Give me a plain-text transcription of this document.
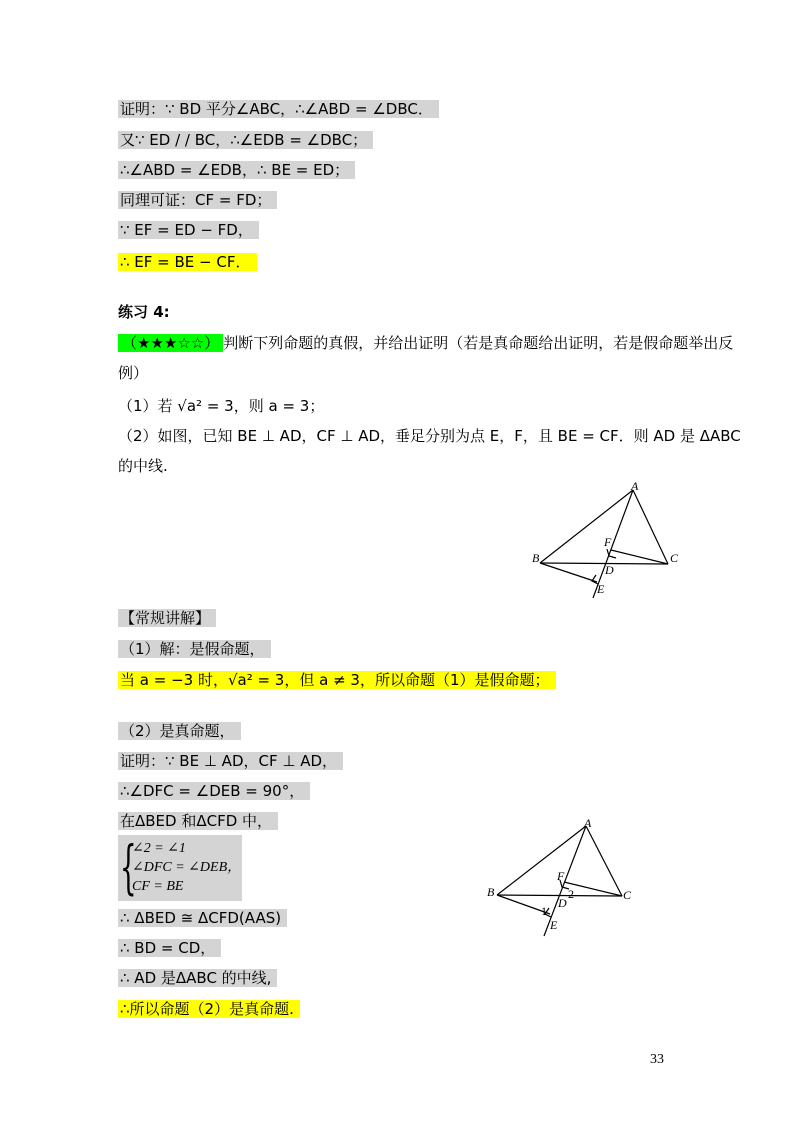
证明：∵ BD 平分∠ABC，∴∠ABD = ∠DBC．
又∵ ED / / BC，∴∠EDB = ∠DBC；
∴∠ABD = ∠EDB，∴ BE = ED；
同理可证：CF = FD；
∵ EF = ED − FD，
∴ EF = BE − CF．
练习 4:
（★★★☆☆） 判断下列命题的真假，并给出证明（若是真命题给出证明，若是假命题举出反
例）
（1）若 √a² = 3，则 a = 3；
（2）如图，已知 BE ⊥ AD，CF ⊥ AD，垂足分别为点 E，F，且 BE = CF．则 AD 是 ΔABC
的中线.
A
B	C
D
E
F
【常规讲解】
（1）解：是假命题，
当 a = −3 时，√a² = 3，但 a ≠ 3，所以命题（1）是假命题；
（2）是真命题，
证明：∵ BE ⊥ AD，CF ⊥ AD，
∴∠DFC = ∠DEB = 90°，
在ΔBED 和ΔCFD 中，
{
∠2 = ∠1
∠DFC = ∠DEB，
CF = BE
∴ ΔBED ≅ ΔCFD(AAS)
∴ BD = CD，
∴ AD 是ΔABC 的中线,
∴所以命题（2）是真命题.
A
B	C
D
E
F
1
2
33
